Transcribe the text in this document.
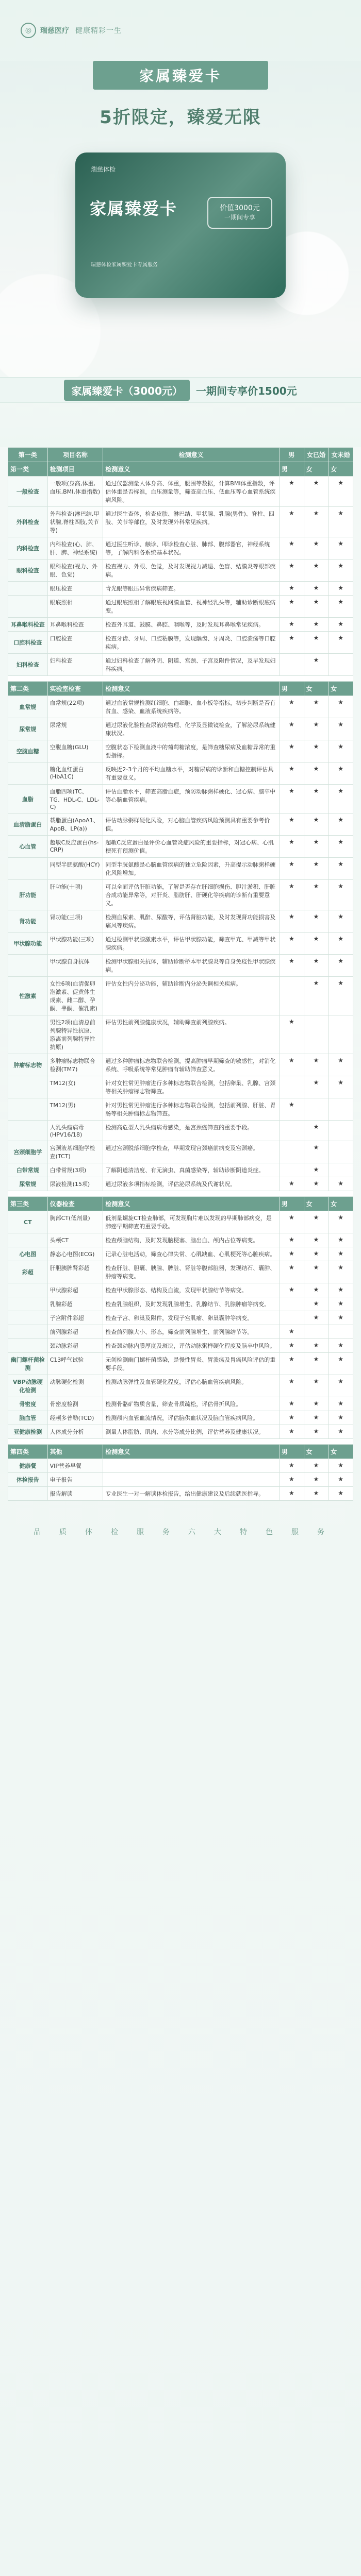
◎	瑞慈医疗 健康精彩一生
家属臻爱卡
5折限定，臻爱无限
瑞慈体检
家属臻爱卡	价值3000元
一期间专享
瑞慈体检家属臻爱卡专属服务
家属臻爱卡（3000元）	一期间专享价1500元
第一类	项目名称	检测意义	男	女已婚	女未婚
第一类	检测项目	检测意义	男	女	女
一般检查	一般项(身高,体重,血压,BMI,体重指数)	通过仪器测量人体身高、体重，腰围等数据，计算BMI体重指数，评估体重是否标准，血压测量等，筛查高血压、低血压等心血管系统疾病风险。	★	★	★
外科检查	外科检查(淋巴结,甲状腺,脊柱四肢,关节等)	通过医生查体，检查皮肤、淋巴结、甲状腺、乳腺(男性)、脊柱、四肢、关节等部位，及时发现外科常见疾病。	★	★	★
内科检查	内科检查(心、肺、肝、脾、神经系统)	通过医生听诊、触诊、叩诊检查心脏、肺部、腹部器官，神经系统等，了解内科各系统基本状况。	★	★	★
眼科检查	眼科检查(视力、外眼、色觉)	检查视力、外眼、色觉，及时发现视力减退、色盲、结膜炎等眼部疾病。	★	★	★
	眼压检查	青光眼等眼压异常疾病筛查。	★	★	★
	眼底照相	通过眼底照相了解眼底视网膜血管、视神经乳头等，辅助诊断眼底病变。	★	★	★
耳鼻喉科检查	耳鼻喉科检查	检查外耳道、鼓膜、鼻腔、咽喉等，及时发现耳鼻喉常见疾病。	★	★	★
口腔科检查	口腔检查	检查牙齿、牙周、口腔粘膜等，发现龋齿、牙周炎、口腔溃疡等口腔疾病。	★	★	★
妇科检查	妇科检查	通过妇科检查了解外阴、阴道、宫颈、子宫及附件情况，及早发现妇科疾病。		★	

第二类	实验室检查	检测意义	男	女	女
血常规	血常规(22项)	通过血液常规检测红细胞、白细胞、血小板等指标，初步判断是否有贫血、感染、血液系统疾病等。	★	★	★
尿常规	尿常规	通过尿液化验检查尿液的物理、化学及显微镜检查，了解泌尿系统健康状况。	★	★	★
空腹血糖	空腹血糖(GLU)	空腹状态下检测血液中的葡萄糖浓度，是筛查糖尿病及血糖异常的重要指标。	★	★	★
	糖化血红蛋白(HbA1C)	反映近2-3个月的平均血糖水平，对糖尿病的诊断和血糖控制评估具有重要意义。	★	★	★
血脂	血脂四项(TC、TG、HDL-C、LDL-C)	评估血脂水平，筛查高脂血症，预防动脉粥样硬化、冠心病、脑卒中等心脑血管疾病。	★	★	★
血清脂蛋白	载脂蛋白(ApoA1、ApoB、LP(a))	评估动脉粥样硬化风险，对心脑血管疾病风险预测具有重要参考价值。	★	★	★
心血管	超敏C反应蛋白(hs-CRP)	超敏C反应蛋白是评价心血管炎症风险的重要指标，对冠心病、心肌梗死有预测价值。	★	★	★
	同型半胱氨酸(HCY)	同型半胱氨酸是心脑血管疾病的独立危险因素，升高提示动脉粥样硬化风险增加。	★	★	★
肝功能	肝功能(十项)	可以全面评估肝脏功能，了解是否存在肝细胞损伤、胆汁淤积、肝脏合成功能异常等，对肝炎、脂肪肝、肝硬化等疾病的诊断有重要意义。	★	★	★
肾功能	肾功能(三项)	检测血尿素、肌酐、尿酸等，评估肾脏功能，及时发现肾功能损害及痛风等疾病。	★	★	★
甲状腺功能	甲状腺功能(三项)	通过检测甲状腺激素水平，评估甲状腺功能，筛查甲亢、甲减等甲状腺疾病。	★	★	★
	甲状腺自身抗体	检测甲状腺相关抗体，辅助诊断桥本甲状腺炎等自身免疫性甲状腺疾病。	★	★	★
性激素	女性6项(血清促卵泡激素、促黄体生成素、雌二醇、孕酮、睾酮、催乳素)	评估女性内分泌功能，辅助诊断内分泌失调相关疾病。		★	★
	男性2项(血清总前列腺特异性抗原、游离前列腺特异性抗原)	评估男性前列腺健康状况，辅助筛查前列腺疾病。	★		
肿瘤标志物	多肿瘤标志物联合检测(TM7)	通过多种肿瘤标志物联合检测，提高肿瘤早期筛查的敏感性，对消化系统、呼吸系统等常见肿瘤有辅助筛查意义。	★	★	★
	TM12(女)	针对女性常见肿瘤进行多种标志物联合检测，包括卵巢、乳腺、宫颈等相关肿瘤标志物筛查。		★	★
	TM12(男)	针对男性常见肿瘤进行多种标志物联合检测，包括前列腺、肝脏、胃肠等相关肿瘤标志物筛查。	★		
	人乳头瘤病毒(HPV16/18)	检测高危型人乳头瘤病毒感染，是宫颈癌筛查的重要手段。		★	
宫颈细胞学	宫颈液基细胞学检查(TCT)	通过宫颈脱落细胞学检查，早期发现宫颈癌前病变及宫颈癌。		★	
白带常规	白带常规(3项)	了解阴道清洁度、有无滴虫、真菌感染等，辅助诊断阴道炎症。		★	
尿常规	尿液检测(15项)	通过尿液多项指标检测，评估泌尿系统及代谢状况。	★	★	★

第三类	仪器检查	检测意义	男	女	女
CT	胸部CT(低剂量)	低剂量螺旋CT检查肺部，可发现胸片难以发现的早期肺部病变，是肺癌早期筛查的重要手段。	★	★	★
	头颅CT	检查颅脑结构，及时发现脑梗塞、脑出血、颅内占位等病变。	★	★	★
心电图	静态心电图(ECG)	记录心脏电活动，筛查心律失常、心肌缺血、心肌梗死等心脏疾病。	★	★	★
彩超	肝胆胰脾肾彩超	检查肝脏、胆囊、胰腺、脾脏、肾脏等腹部脏器，发现结石、囊肿、肿瘤等病变。	★	★	★
	甲状腺彩超	检查甲状腺形态、结构及血流，发现甲状腺结节等病变。	★	★	★
	乳腺彩超	检查乳腺组织，及时发现乳腺增生、乳腺结节、乳腺肿瘤等病变。		★	★
	子宫附件彩超	检查子宫、卵巢及附件，发现子宫肌瘤、卵巢囊肿等病变。		★	★
	前列腺彩超	检查前列腺大小、形态，筛查前列腺增生、前列腺结节等。	★		
	颈动脉彩超	检查颈动脉内膜厚度及斑块，评估动脉粥样硬化程度及脑卒中风险。	★	★	★
幽门螺杆菌检测	C13呼气试验	无创检测幽门螺杆菌感染，是慢性胃炎、胃溃疡及胃癌风险评估的重要手段。	★	★	★
VBP动脉硬化检测	动脉硬化检测	检测动脉弹性及血管硬化程度，评估心脑血管疾病风险。	★	★	★
骨密度	骨密度检测	检测骨骼矿物质含量，筛查骨质疏松，评估骨折风险。	★	★	★
脑血管	经颅多普勒(TCD)	检测颅内血管血流情况，评估脑供血状况及脑血管疾病风险。	★	★	★
亚健康检测	人体成分分析	测量人体脂肪、肌肉、水分等成分比例，评估营养及健康状况。	★	★	★

第四类	其他	检测意义	男	女	女
健康餐	VIP营养早餐		★	★	★
体检报告	电子报告		★	★	★
	报告解读	专业医生一对一解读体检报告，给出健康建议及后续就医指导。	★	★	★
品 质 体 检 服 务 六 大 特 色 服 务
